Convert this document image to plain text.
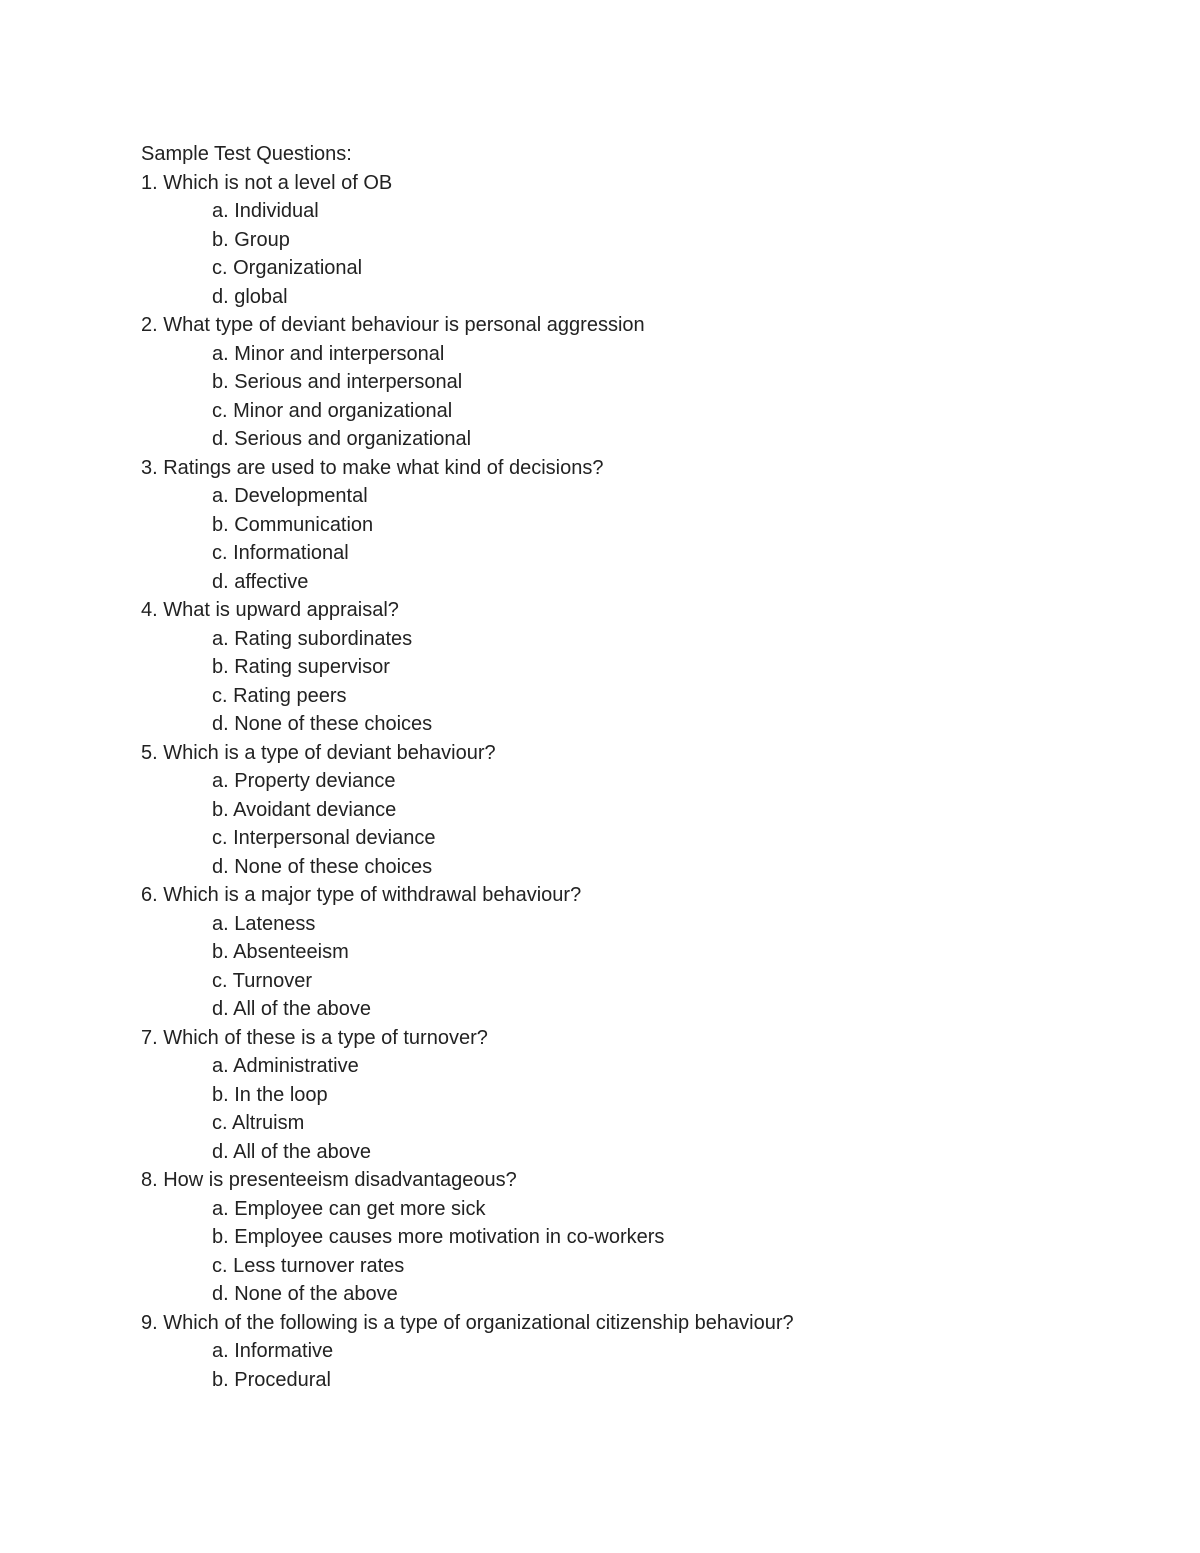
Sample Test Questions:
1. Which is not a level of OB
a. Individual
b. Group
c. Organizational
d. global
2. What type of deviant behaviour is personal aggression
a. Minor and interpersonal
b. Serious and interpersonal
c. Minor and organizational
d. Serious and organizational
3. Ratings are used to make what kind of decisions?
a. Developmental
b. Communication
c. Informational
d. affective
4. What is upward appraisal?
a. Rating subordinates
b. Rating supervisor
c. Rating peers
d. None of these choices
5. Which is a type of deviant behaviour?
a. Property deviance
b. Avoidant deviance
c. Interpersonal deviance
d. None of these choices
6. Which is a major type of withdrawal behaviour?
a. Lateness
b. Absenteeism
c. Turnover
d. All of the above
7. Which of these is a type of turnover?
a. Administrative
b. In the loop
c. Altruism
d. All of the above
8. How is presenteeism disadvantageous?
a. Employee can get more sick
b. Employee causes more motivation in co-workers
c. Less turnover rates
d. None of the above
9. Which of the following is a type of organizational citizenship behaviour?
a. Informative
b. Procedural
